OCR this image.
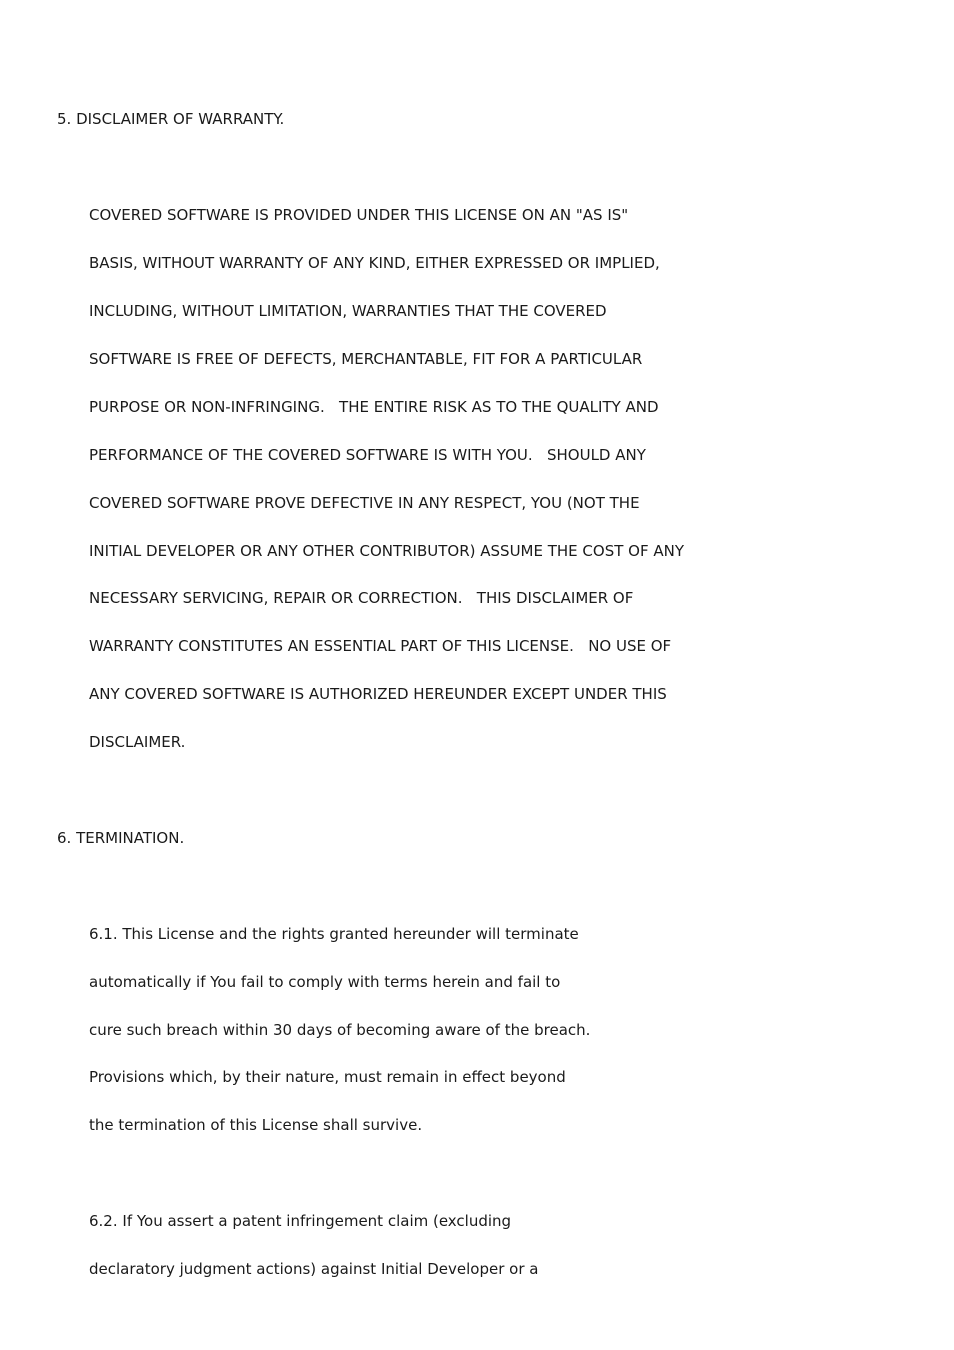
5. DISCLAIMER OF WARRANTY.

COVERED SOFTWARE IS PROVIDED UNDER THIS LICENSE ON AN "AS IS"

BASIS, WITHOUT WARRANTY OF ANY KIND, EITHER EXPRESSED OR IMPLIED,

INCLUDING, WITHOUT LIMITATION, WARRANTIES THAT THE COVERED

SOFTWARE IS FREE OF DEFECTS, MERCHANTABLE, FIT FOR A PARTICULAR

PURPOSE OR NON-INFRINGING.   THE ENTIRE RISK AS TO THE QUALITY AND

PERFORMANCE OF THE COVERED SOFTWARE IS WITH YOU.   SHOULD ANY

COVERED SOFTWARE PROVE DEFECTIVE IN ANY RESPECT, YOU (NOT THE

INITIAL DEVELOPER OR ANY OTHER CONTRIBUTOR) ASSUME THE COST OF ANY

NECESSARY SERVICING, REPAIR OR CORRECTION.   THIS DISCLAIMER OF

WARRANTY CONSTITUTES AN ESSENTIAL PART OF THIS LICENSE.   NO USE OF

ANY COVERED SOFTWARE IS AUTHORIZED HEREUNDER EXCEPT UNDER THIS

DISCLAIMER.

6. TERMINATION.

6.1. This License and the rights granted hereunder will terminate

automatically if You fail to comply with terms herein and fail to

cure such breach within 30 days of becoming aware of the breach.

Provisions which, by their nature, must remain in effect beyond

the termination of this License shall survive.

6.2. If You assert a patent infringement claim (excluding

declaratory judgment actions) against Initial Developer or a
